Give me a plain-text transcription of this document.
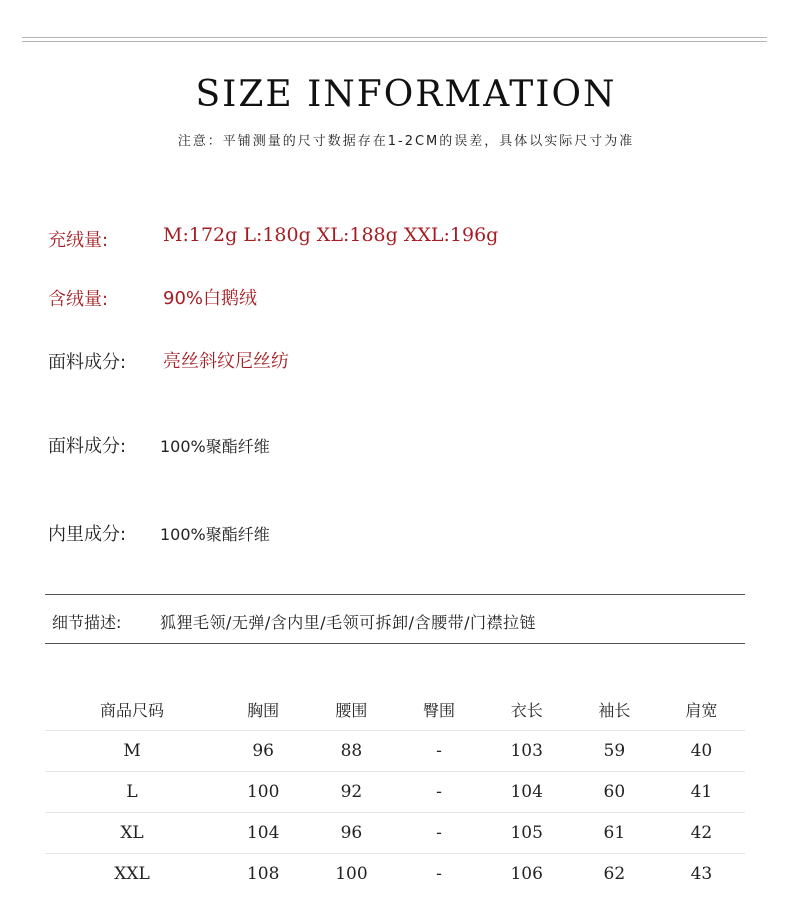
SIZE INFORMATION
注意：平铺测量的尺寸数据存在1-2CM的误差，具体以实际尺寸为准
充绒量:	M:172g L:180g XL:188g XXL:196g
含绒量:	90%白鹅绒
面料成分: 亮丝斜纹尼丝纺
面料成分: 100%聚酯纤维
内里成分: 100%聚酯纤维
细节描述: 狐狸毛领/无弹/含内里/毛领可拆卸/含腰带/门襟拉链
商品尺码	胸围	腰围	臀围	衣长	袖长	肩宽
M	96	88	-	103	59	40
L	100	92	-	104	60	41
XL	104	96	-	105	61	42
XXL	108	100	-	106	62	43
